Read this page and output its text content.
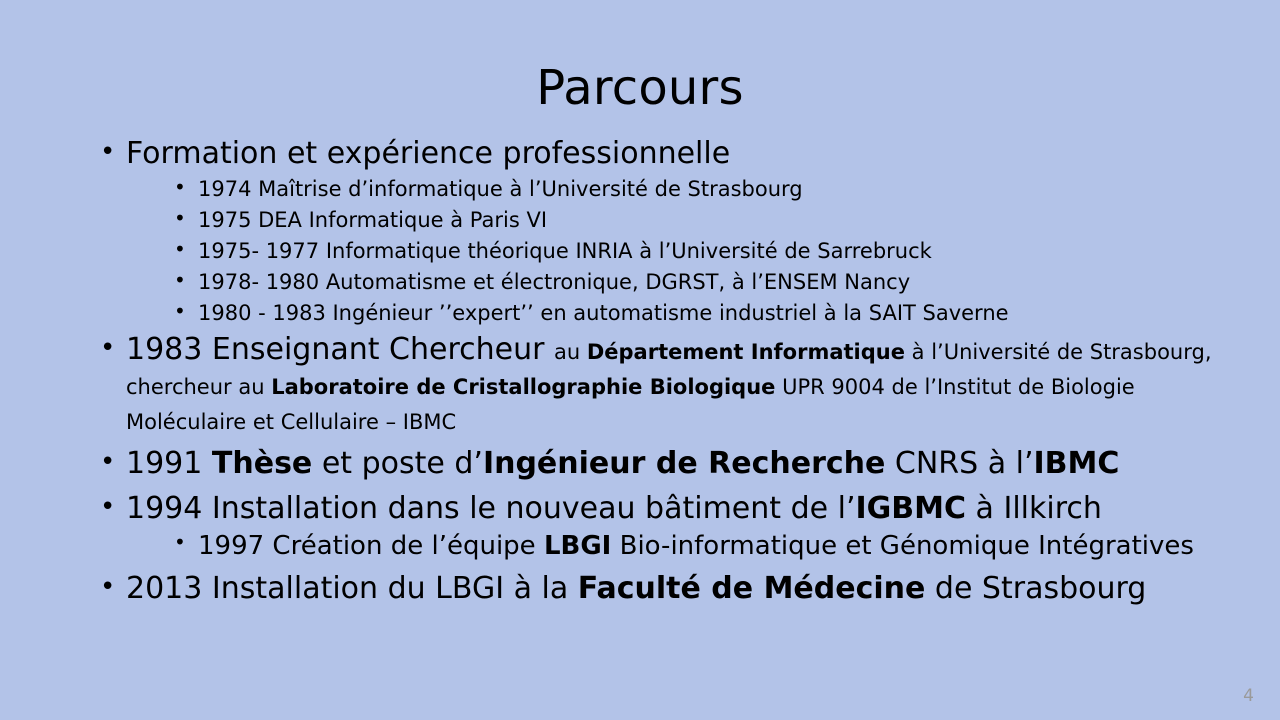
Parcours
• Formation et expérience professionnelle
• 1974 Maîtrise d’informatique à l’Université de Strasbourg
• 1975 DEA Informatique à Paris VI
• 1975- 1977 Informatique théorique INRIA à l’Université de Sarrebruck
• 1978- 1980 Automatisme et électronique, DGRST, à l’ENSEM Nancy
• 1980 - 1983 Ingénieur ’’expert’’ en automatisme industriel à la SAIT Saverne
• 1983 Enseignant Chercheur au Département Informatique à l’Université de Strasbourg, chercheur au Laboratoire de Cristallographie Biologique UPR 9004 de l’Institut de Biologie Moléculaire et Cellulaire – IBMC
• 1991 Thèse et poste d’Ingénieur de Recherche CNRS à l’IBMC
• 1994 Installation dans le nouveau bâtiment de l’IGBMC à Illkirch
• 1997 Création de l’équipe LBGI Bio-informatique et Génomique Intégratives
• 2013 Installation du LBGI à la Faculté de Médecine de Strasbourg
4
